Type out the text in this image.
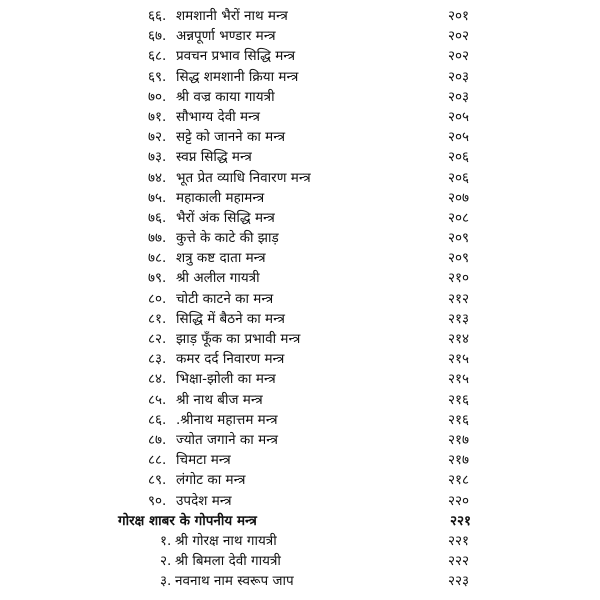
६६. शमशानी भैरों नाथ मन्त्र	२०१
६७. अन्नपूर्णा भण्डार मन्त्र	२०२
६८. प्रवचन प्रभाव सिद्धि मन्त्र	२०२
६९. सिद्ध शमशानी क्रिया मन्त्र	२०३
७०. श्री वज्र काया गायत्री	२०३
७१. सौभाग्य देवी मन्त्र	२०५
७२. सट्टे को जानने का मन्त्र	२०५
७३. स्वप्न सिद्धि मन्त्र	२०६
७४. भूत प्रेत व्याधि निवारण मन्त्र	२०६
७५. महाकाली महामन्त्र	२०७
७६. भैरों अंक सिद्धि मन्त्र	२०८
७७. कुत्ते के काटे की झाड़	२०९
७८. शत्रु कष्ट दाता मन्त्र	२०९
७९. श्री अलील गायत्री	२१०
८०. चोटी काटने का मन्त्र	२१२
८१. सिद्धि में बैठने का मन्त्र	२१३
८२. झाड़ फूँक का प्रभावी मन्त्र	२१४
८३. कमर दर्द निवारण मन्त्र	२१५
८४. भिक्षा-झोली का मन्त्र	२१५
८५. श्री नाथ बीज मन्त्र	२१६
८६. .श्रीनाथ महात्तम मन्त्र	२१६
८७. ज्योत जगाने का मन्त्र	२१७
८८. चिमटा मन्त्र	२१७
८९. लंगोट का मन्त्र	२१८
९०. उपदेश मन्त्र	२२०
गोरक्ष शाबर के गोपनीय मन्त्र	२२१
१. श्री गोरक्ष नाथ गायत्री	२२१
२. श्री बिमला देवी गायत्री	२२२
३. नवनाथ नाम स्वरूप जाप	२२३
